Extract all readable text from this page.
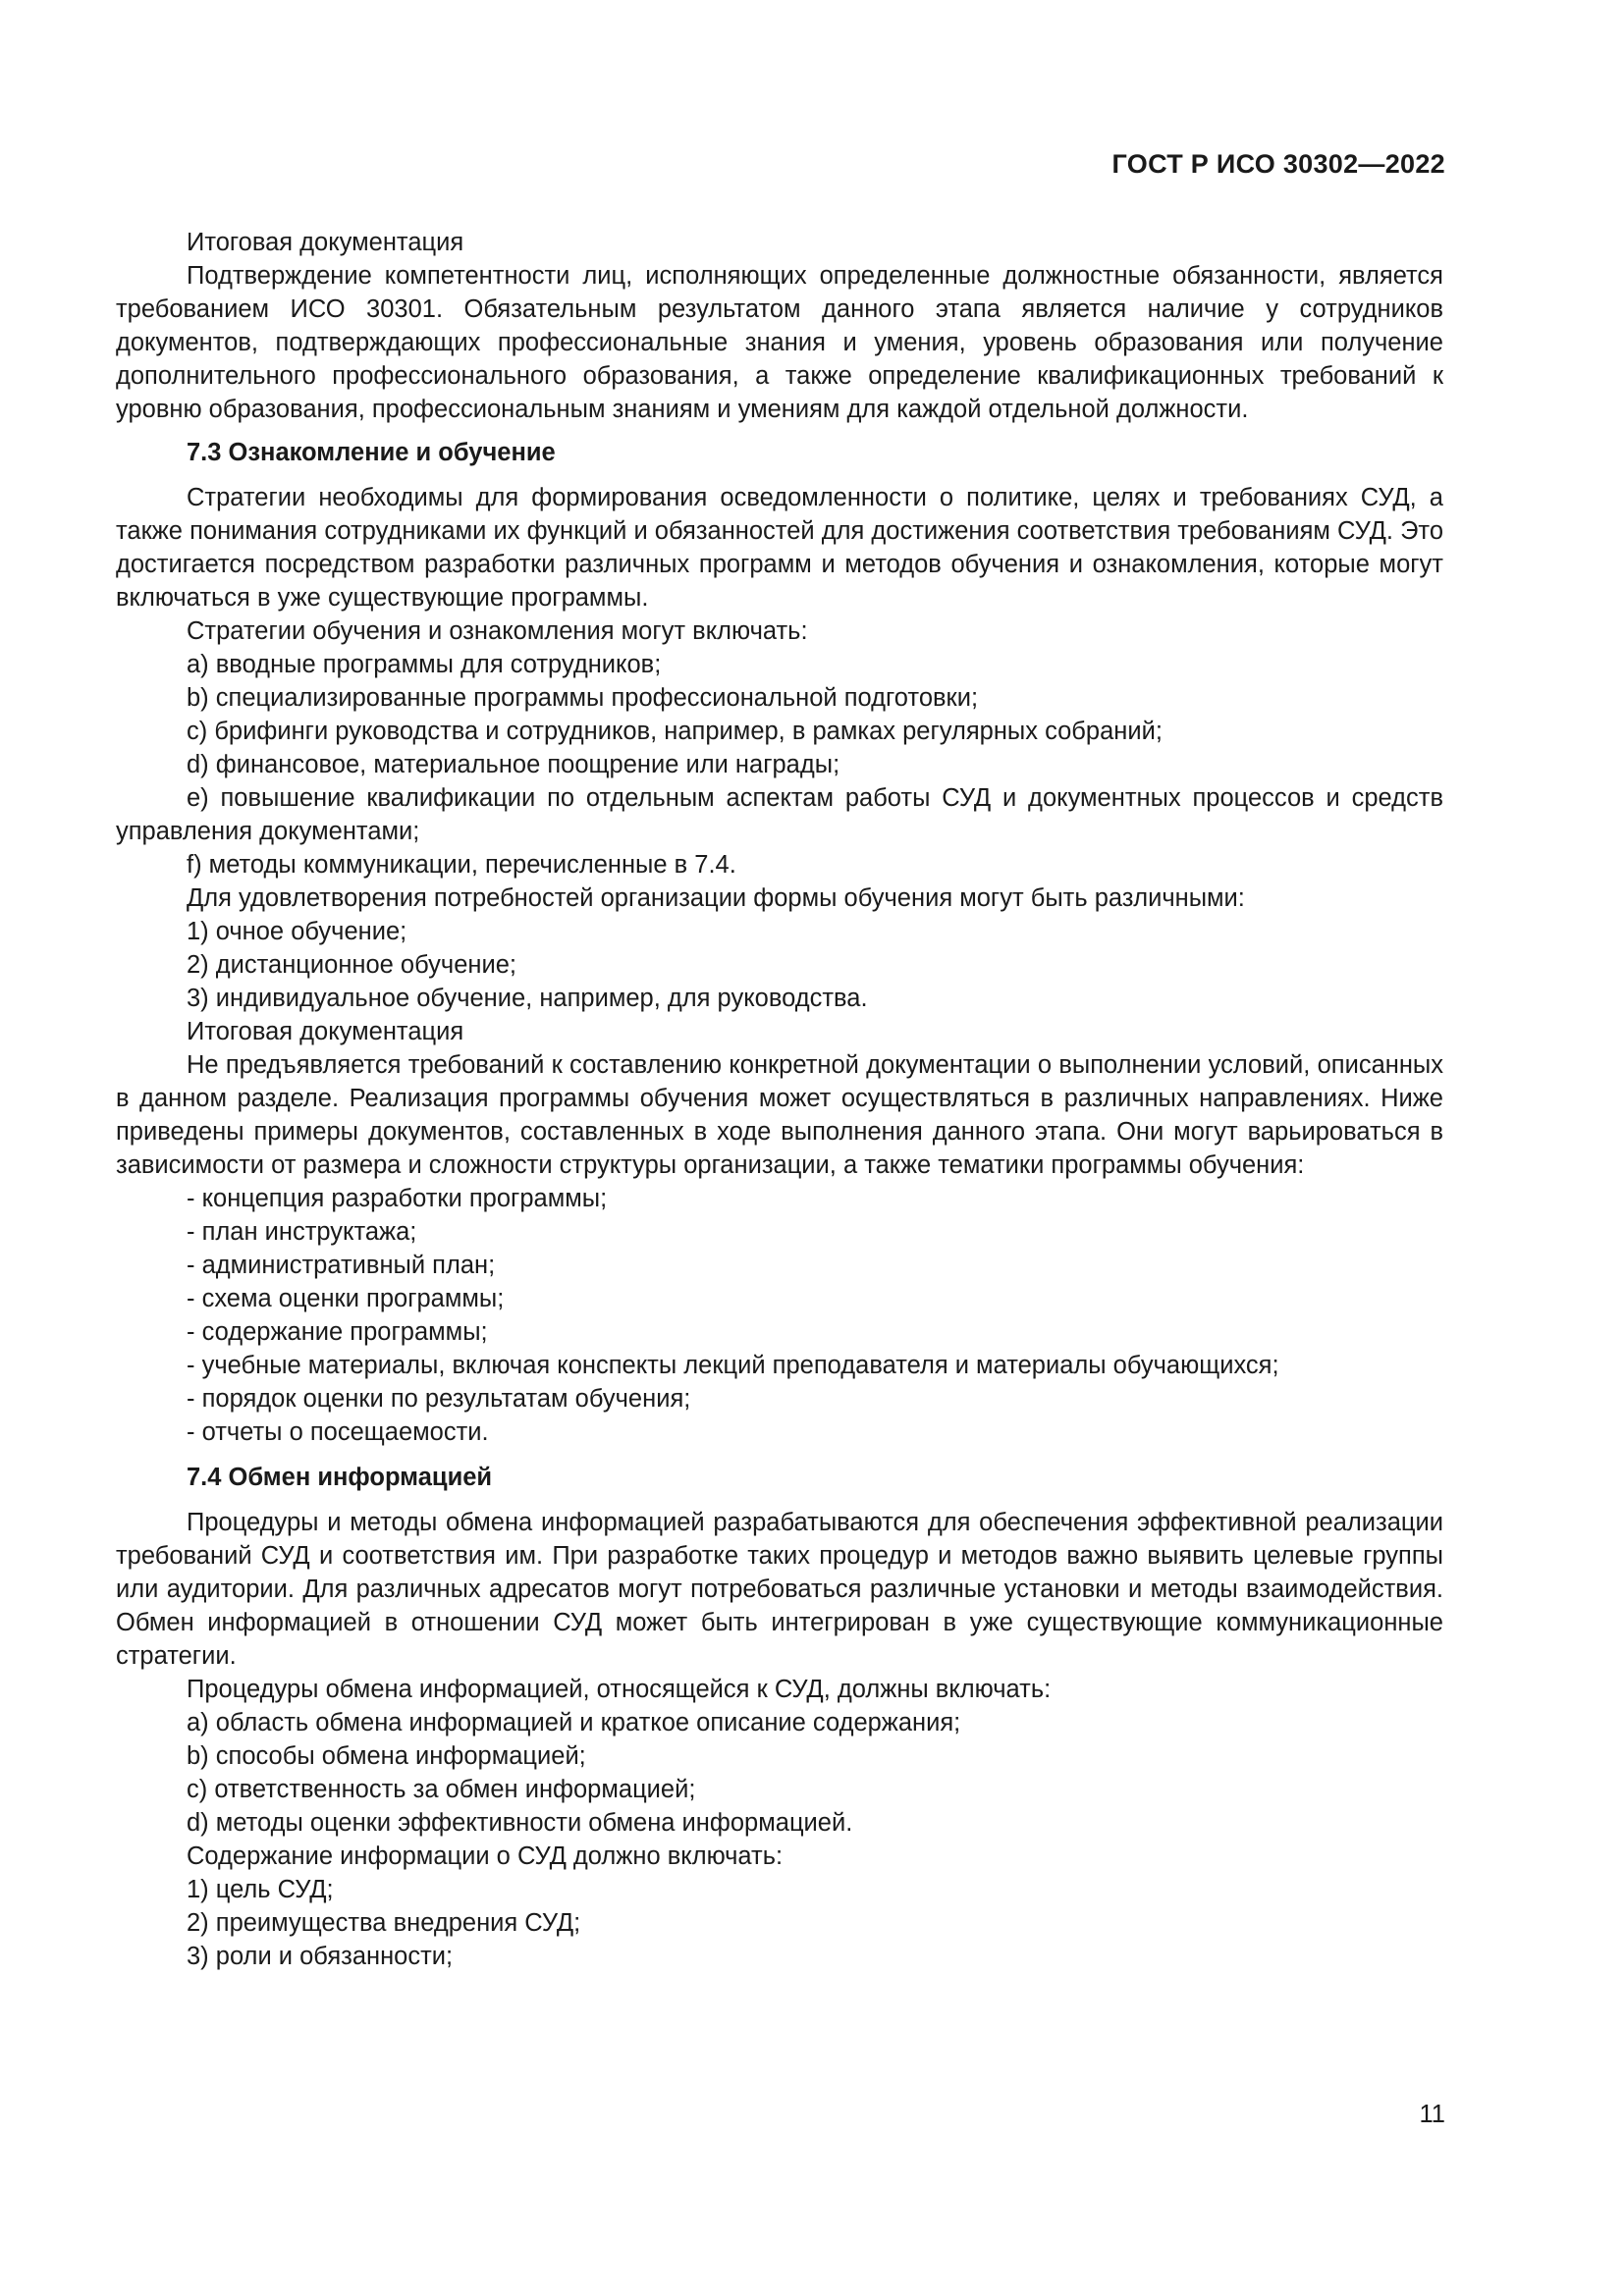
ГОСТ Р ИСО 30302—2022

Итоговая документация

Подтверждение компетентности лиц, исполняющих определенные должностные обязанности, является требованием ИСО 30301. Обязательным результатом данного этапа является наличие у сотрудников документов, подтверждающих профессиональные знания и умения, уровень образования или получение дополнительного профессионального образования, а также определение квалификационных требований к уровню образования, профессиональным знаниям и умениям для каждой отдельной должности.

7.3 Ознакомление и обучение

Стратегии необходимы для формирования осведомленности о политике, целях и требованиях СУД, а также понимания сотрудниками их функций и обязанностей для достижения соответствия требованиям СУД. Это достигается посредством разработки различных программ и методов обучения и ознакомления, которые могут включаться в уже существующие программы.

Стратегии обучения и ознакомления могут включать:

a) вводные программы для сотрудников;

b) специализированные программы профессиональной подготовки;

c) брифинги руководства и сотрудников, например, в рамках регулярных собраний;

d) финансовое, материальное поощрение или награды;

e) повышение квалификации по отдельным аспектам работы СУД и документных процессов и средств управления документами;

f) методы коммуникации, перечисленные в 7.4.

Для удовлетворения потребностей организации формы обучения могут быть различными:

1) очное обучение;

2) дистанционное обучение;

3) индивидуальное обучение, например, для руководства.

Итоговая документация

Не предъявляется требований к составлению конкретной документации о выполнении условий, описанных в данном разделе. Реализация программы обучения может осуществляться в различных направлениях. Ниже приведены примеры документов, составленных в ходе выполнения данного этапа. Они могут варьироваться в зависимости от размера и сложности структуры организации, а также тематики программы обучения:

- концепция разработки программы;

- план инструктажа;

- административный план;

- схема оценки программы;

- содержание программы;

- учебные материалы, включая конспекты лекций преподавателя и материалы обучающихся;

- порядок оценки по результатам обучения;

- отчеты о посещаемости.

7.4 Обмен информацией

Процедуры и методы обмена информацией разрабатываются для обеспечения эффективной реализации требований СУД и соответствия им. При разработке таких процедур и методов важно выявить целевые группы или аудитории. Для различных адресатов могут потребоваться различные установки и методы взаимодействия. Обмен информацией в отношении СУД может быть интегрирован в уже существующие коммуникационные стратегии.

Процедуры обмена информацией, относящейся к СУД, должны включать:

a) область обмена информацией и краткое описание содержания;

b) способы обмена информацией;

c) ответственность за обмен информацией;

d) методы оценки эффективности обмена информацией.

Содержание информации о СУД должно включать:

1) цель СУД;

2) преимущества внедрения СУД;

3) роли и обязанности;

11
